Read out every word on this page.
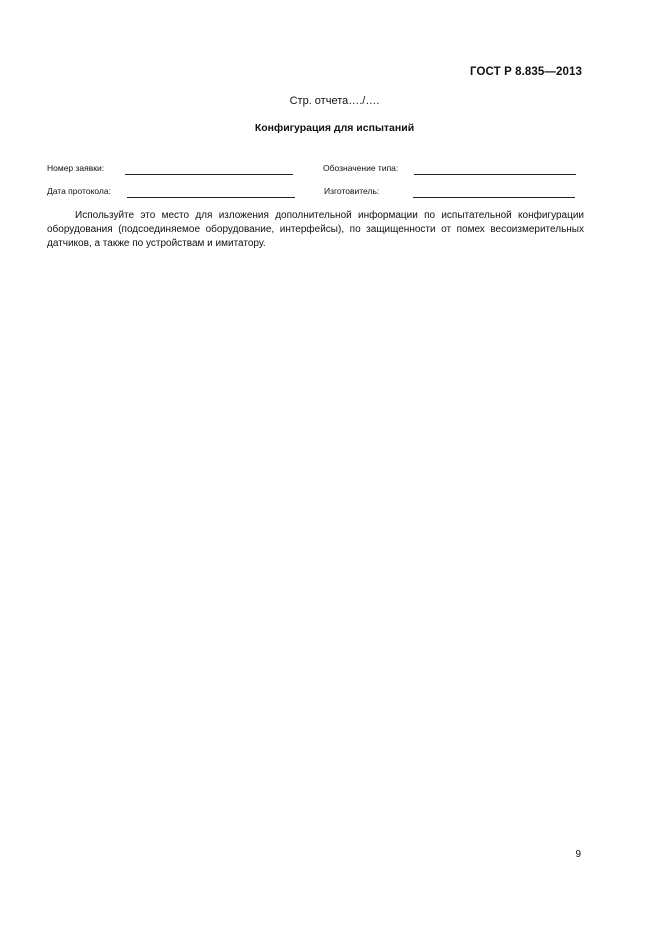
ГОСТ Р 8.835—2013
Стр. отчета…./….
Конфигурация для испытаний
Номер заявки:	Обозначение типа:
Дата протокола:	Изготовитель:

Используйте это место для изложения дополнительной информации по испытательной конфигурации оборудования (подсоединяемое оборудование, интерфейсы), по защищенности от помех весоизмерительных датчиков, а также по устройствам и имитатору.

9
